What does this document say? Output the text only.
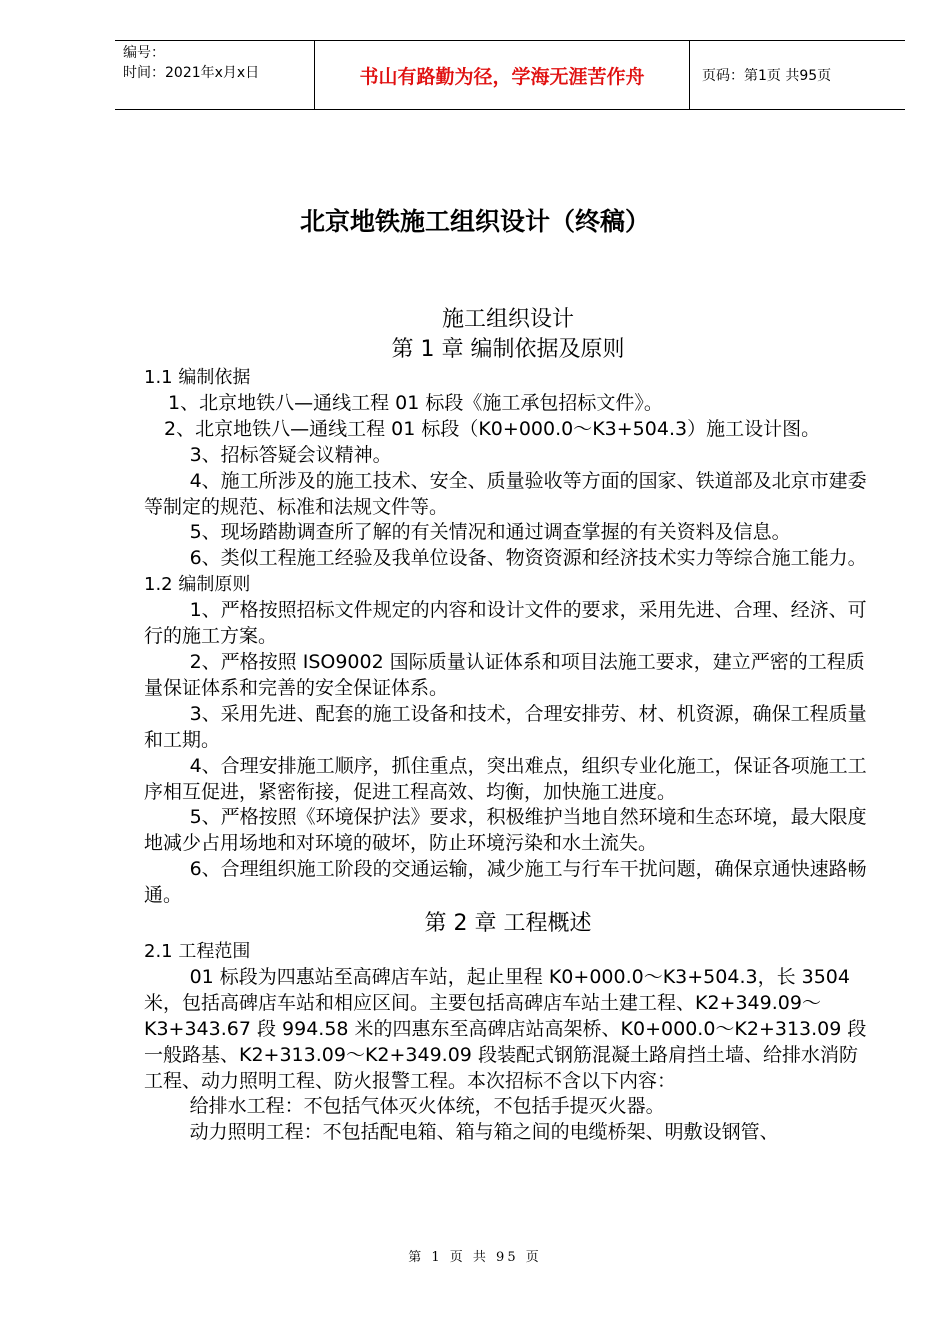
编号：
时间：2021年x月x日	书山有路勤为径，学海无涯苦作舟	页码：第1页 共95页
北京地铁施工组织设计（终稿）

施工组织设计

第 1 章 编制依据及原则

1.1 编制依据

1、北京地铁八—通线工程 01 标段《施工承包招标文件》。

2、北京地铁八—通线工程 01 标段（K0+000.0～K3+504.3）施工设计图。

3、招标答疑会议精神。

4、施工所涉及的施工技术、安全、质量验收等方面的国家、铁道部及北京市建委等制定的规范、标准和法规文件等。

5、现场踏勘调查所了解的有关情况和通过调查掌握的有关资料及信息。

6、类似工程施工经验及我单位设备、物资资源和经济技术实力等综合施工能力。

1.2 编制原则

1、严格按照招标文件规定的内容和设计文件的要求，采用先进、合理、经济、可行的施工方案。

2、严格按照 ISO9002 国际质量认证体系和项目法施工要求，建立严密的工程质量保证体系和完善的安全保证体系。

3、采用先进、配套的施工设备和技术，合理安排劳、材、机资源，确保工程质量和工期。

4、合理安排施工顺序，抓住重点，突出难点，组织专业化施工，保证各项施工工序相互促进，紧密衔接，促进工程高效、均衡，加快施工进度。

5、严格按照《环境保护法》要求，积极维护当地自然环境和生态环境，最大限度地减少占用场地和对环境的破坏，防止环境污染和水土流失。

6、合理组织施工阶段的交通运输，减少施工与行车干扰问题，确保京通快速路畅通。

第 2 章 工程概述

2.1 工程范围

01 标段为四惠站至高碑店车站，起止里程 K0+000.0～K3+504.3，长 3504 米，包括高碑店车站和相应区间。主要包括高碑店车站土建工程、K2+349.09～K3+343.67 段 994.58 米的四惠东至高碑店站高架桥、K0+000.0～K2+313.09 段一般路基、K2+313.09～K2+349.09 段装配式钢筋混凝土路肩挡土墙、给排水消防工程、动力照明工程、防火报警工程。本次招标不含以下内容：

给排水工程：不包括气体灭火体统，不包括手提灭火器。

动力照明工程：不包括配电箱、箱与箱之间的电缆桥架、明敷设钢管、

第 1 页 共 95 页
